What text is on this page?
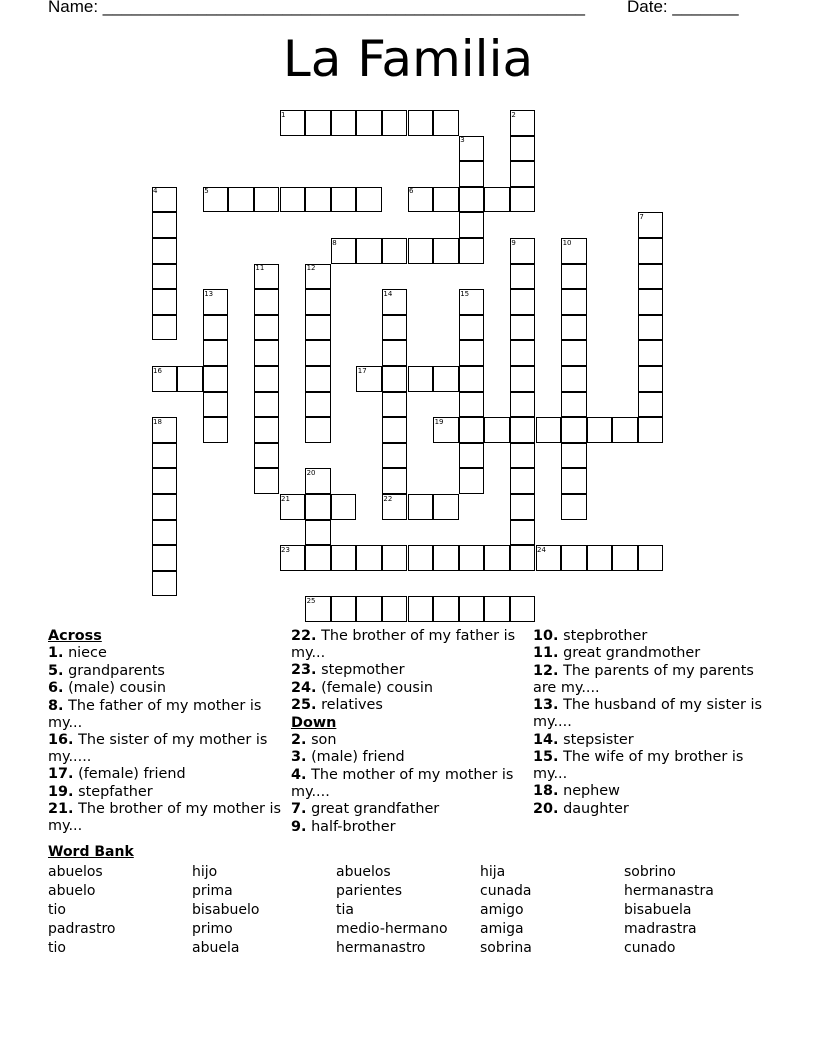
Name: ___________________________________________________ Date: _______
La Familia
1	2
3
4	5	6
7
8	9	10
11	12
13	14	15
16	17
18	19
20
21	22
23	24
25
Across
1. niece
5. grandparents
6. (male) cousin
8. The father of my mother is my...
16. The sister of my mother is my.....
17. (female) friend
19. stepfather
21. The brother of my mother is my...
22. The brother of my father is my...
23. stepmother
24. (female) cousin
25. relatives
Down
2. son
3. (male) friend
4. The mother of my mother is my....
7. great grandfather
9. half-brother
10. stepbrother
11. great grandmother
12. The parents of my parents are my....
13. The husband of my sister is my....
14. stepsister
15. The wife of my brother is my...
18. nephew
20. daughter
Word Bank
abuelos	hijo	abuelos	hija	sobrino
abuelo	prima	parientes	cunada	hermanastra
tio	bisabuelo	tia	amigo	bisabuela
padrastro	primo	medio-hermano	amiga	madrastra
tio	abuela	hermanastro	sobrina	cunado
